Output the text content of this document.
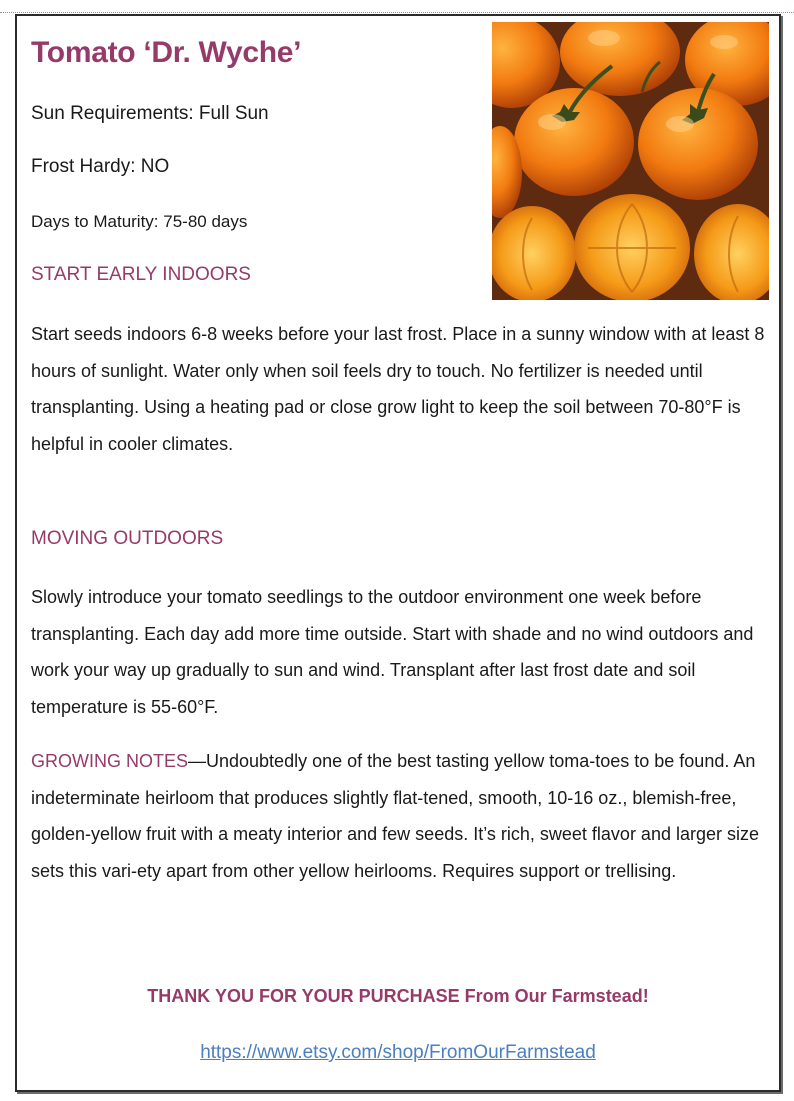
Tomato ‘Dr. Wyche’

Sun Requirements: Full Sun

Frost Hardy: NO

Days to Maturity: 75-80 days

START EARLY INDOORS

Start seeds indoors 6-8 weeks before your last frost. Place in a sunny window with at least 8 hours of sunlight. Water only when soil feels dry to touch. No fertilizer is needed until transplanting. Using a heating pad or close grow light to keep the soil between 70-80°F is helpful in cooler climates.

MOVING OUTDOORS

Slowly introduce your tomato seedlings to the outdoor environment one week before transplanting. Each day add more time outside. Start with shade and no wind outdoors and work your way up gradually to sun and wind. Transplant after last frost date and soil temperature is 55-60°F.

GROWING NOTES—Undoubtedly one of the best tasting yellow toma-toes to be found. An indeterminate heirloom that produces slightly flat-tened, smooth, 10-16 oz., blemish-free, golden-yellow fruit with a meaty interior and few seeds. It’s rich, sweet flavor and larger size sets this vari-ety apart from other yellow heirlooms. Requires support or trellising.

THANK YOU FOR YOUR PURCHASE From Our Farmstead!

https://www.etsy.com/shop/FromOurFarmstead
